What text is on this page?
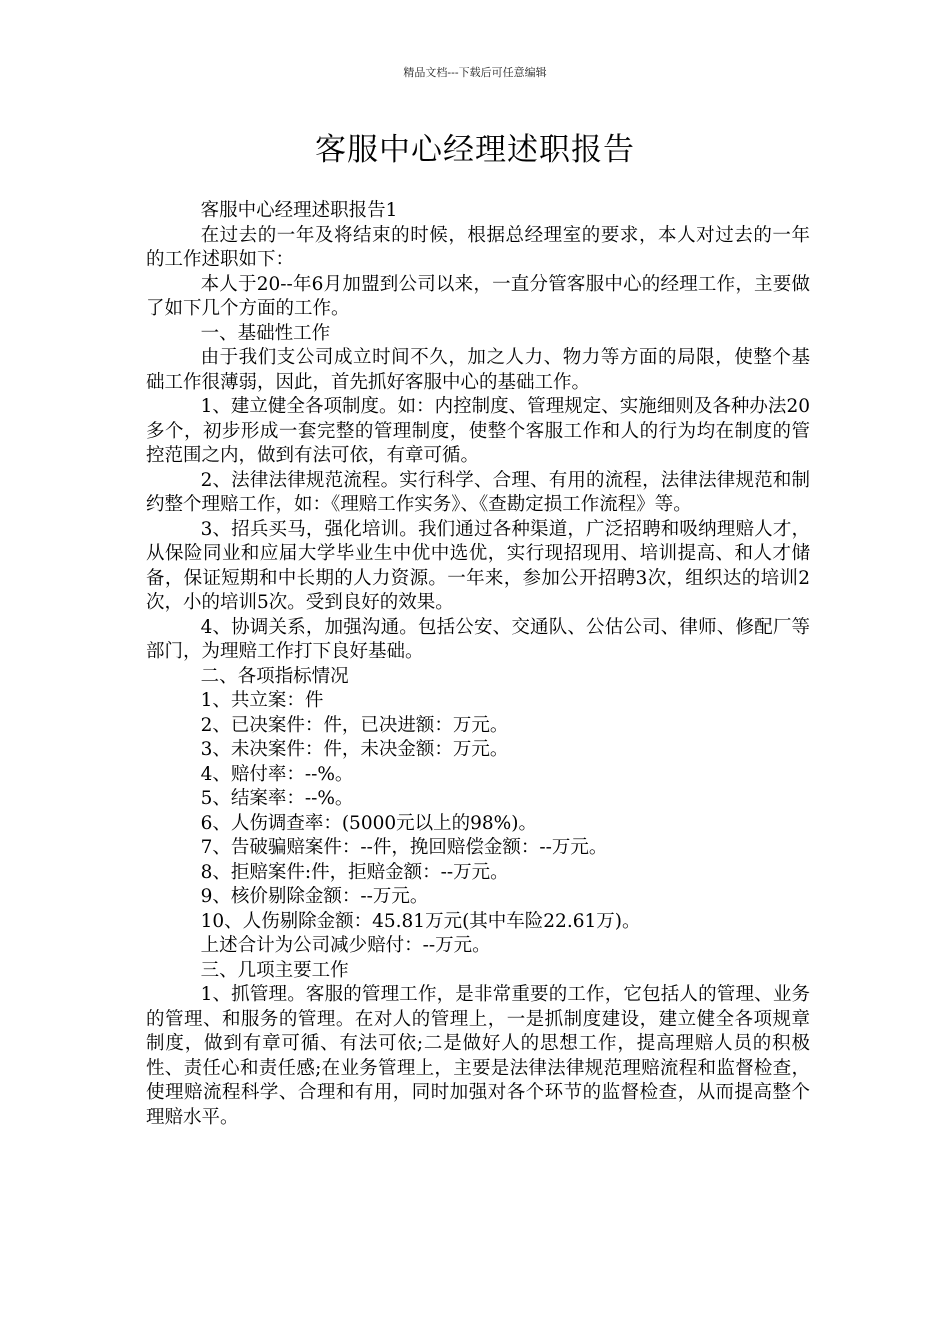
精品文档---下载后可任意编辑
客服中心经理述职报告

客服中心经理述职报告1

在过去的一年及将结束的时候，根据总经理室的要求，本人对过去的一年的工作述职如下：

本人于20--年6月加盟到公司以来，一直分管客服中心的经理工作，主要做了如下几个方面的工作。

一、基础性工作

由于我们支公司成立时间不久，加之人力、物力等方面的局限，使整个基础工作很薄弱，因此，首先抓好客服中心的基础工作。

1、建立健全各项制度。如：内控制度、管理规定、实施细则及各种办法20多个，初步形成一套完整的管理制度，使整个客服工作和人的行为均在制度的管控范围之内，做到有法可依，有章可循。

2、法律法律规范流程。实行科学、合理、有用的流程，法律法律规范和制约整个理赔工作，如：《理赔工作实务》、《查勘定损工作流程》等。

3、招兵买马，强化培训。我们通过各种渠道，广泛招聘和吸纳理赔人才，从保险同业和应届大学毕业生中优中选优，实行现招现用、培训提高、和人才储备，保证短期和中长期的人力资源。一年来，参加公开招聘3次，组织达的培训2次，小的培训5次。受到良好的效果。

4、协调关系，加强沟通。包括公安、交通队、公估公司、律师、修配厂等部门，为理赔工作打下良好基础。

二、各项指标情况

1、共立案：件

2、已决案件：件，已决进额：万元。

3、未决案件：件，未决金额：万元。

4、赔付率：--%。

5、结案率：--%。

6、人伤调查率：(5000元以上的98%)。

7、告破骗赔案件：--件，挽回赔偿金额：--万元。

8、拒赔案件:件，拒赔金额：--万元。

9、核价剔除金额：--万元。

10、人伤剔除金额：45.81万元(其中车险22.61万)。

上述合计为公司减少赔付：--万元。

三、几项主要工作

1、抓管理。客服的管理工作，是非常重要的工作，它包括人的管理、业务的管理、和服务的管理。在对人的管理上，一是抓制度建设，建立健全各项规章制度，做到有章可循、有法可依;二是做好人的思想工作，提高理赔人员的积极性、责任心和责任感;在业务管理上，主要是法律法律规范理赔流程和监督检查，使理赔流程科学、合理和有用，同时加强对各个环节的监督检查，从而提高整个理赔水平。
